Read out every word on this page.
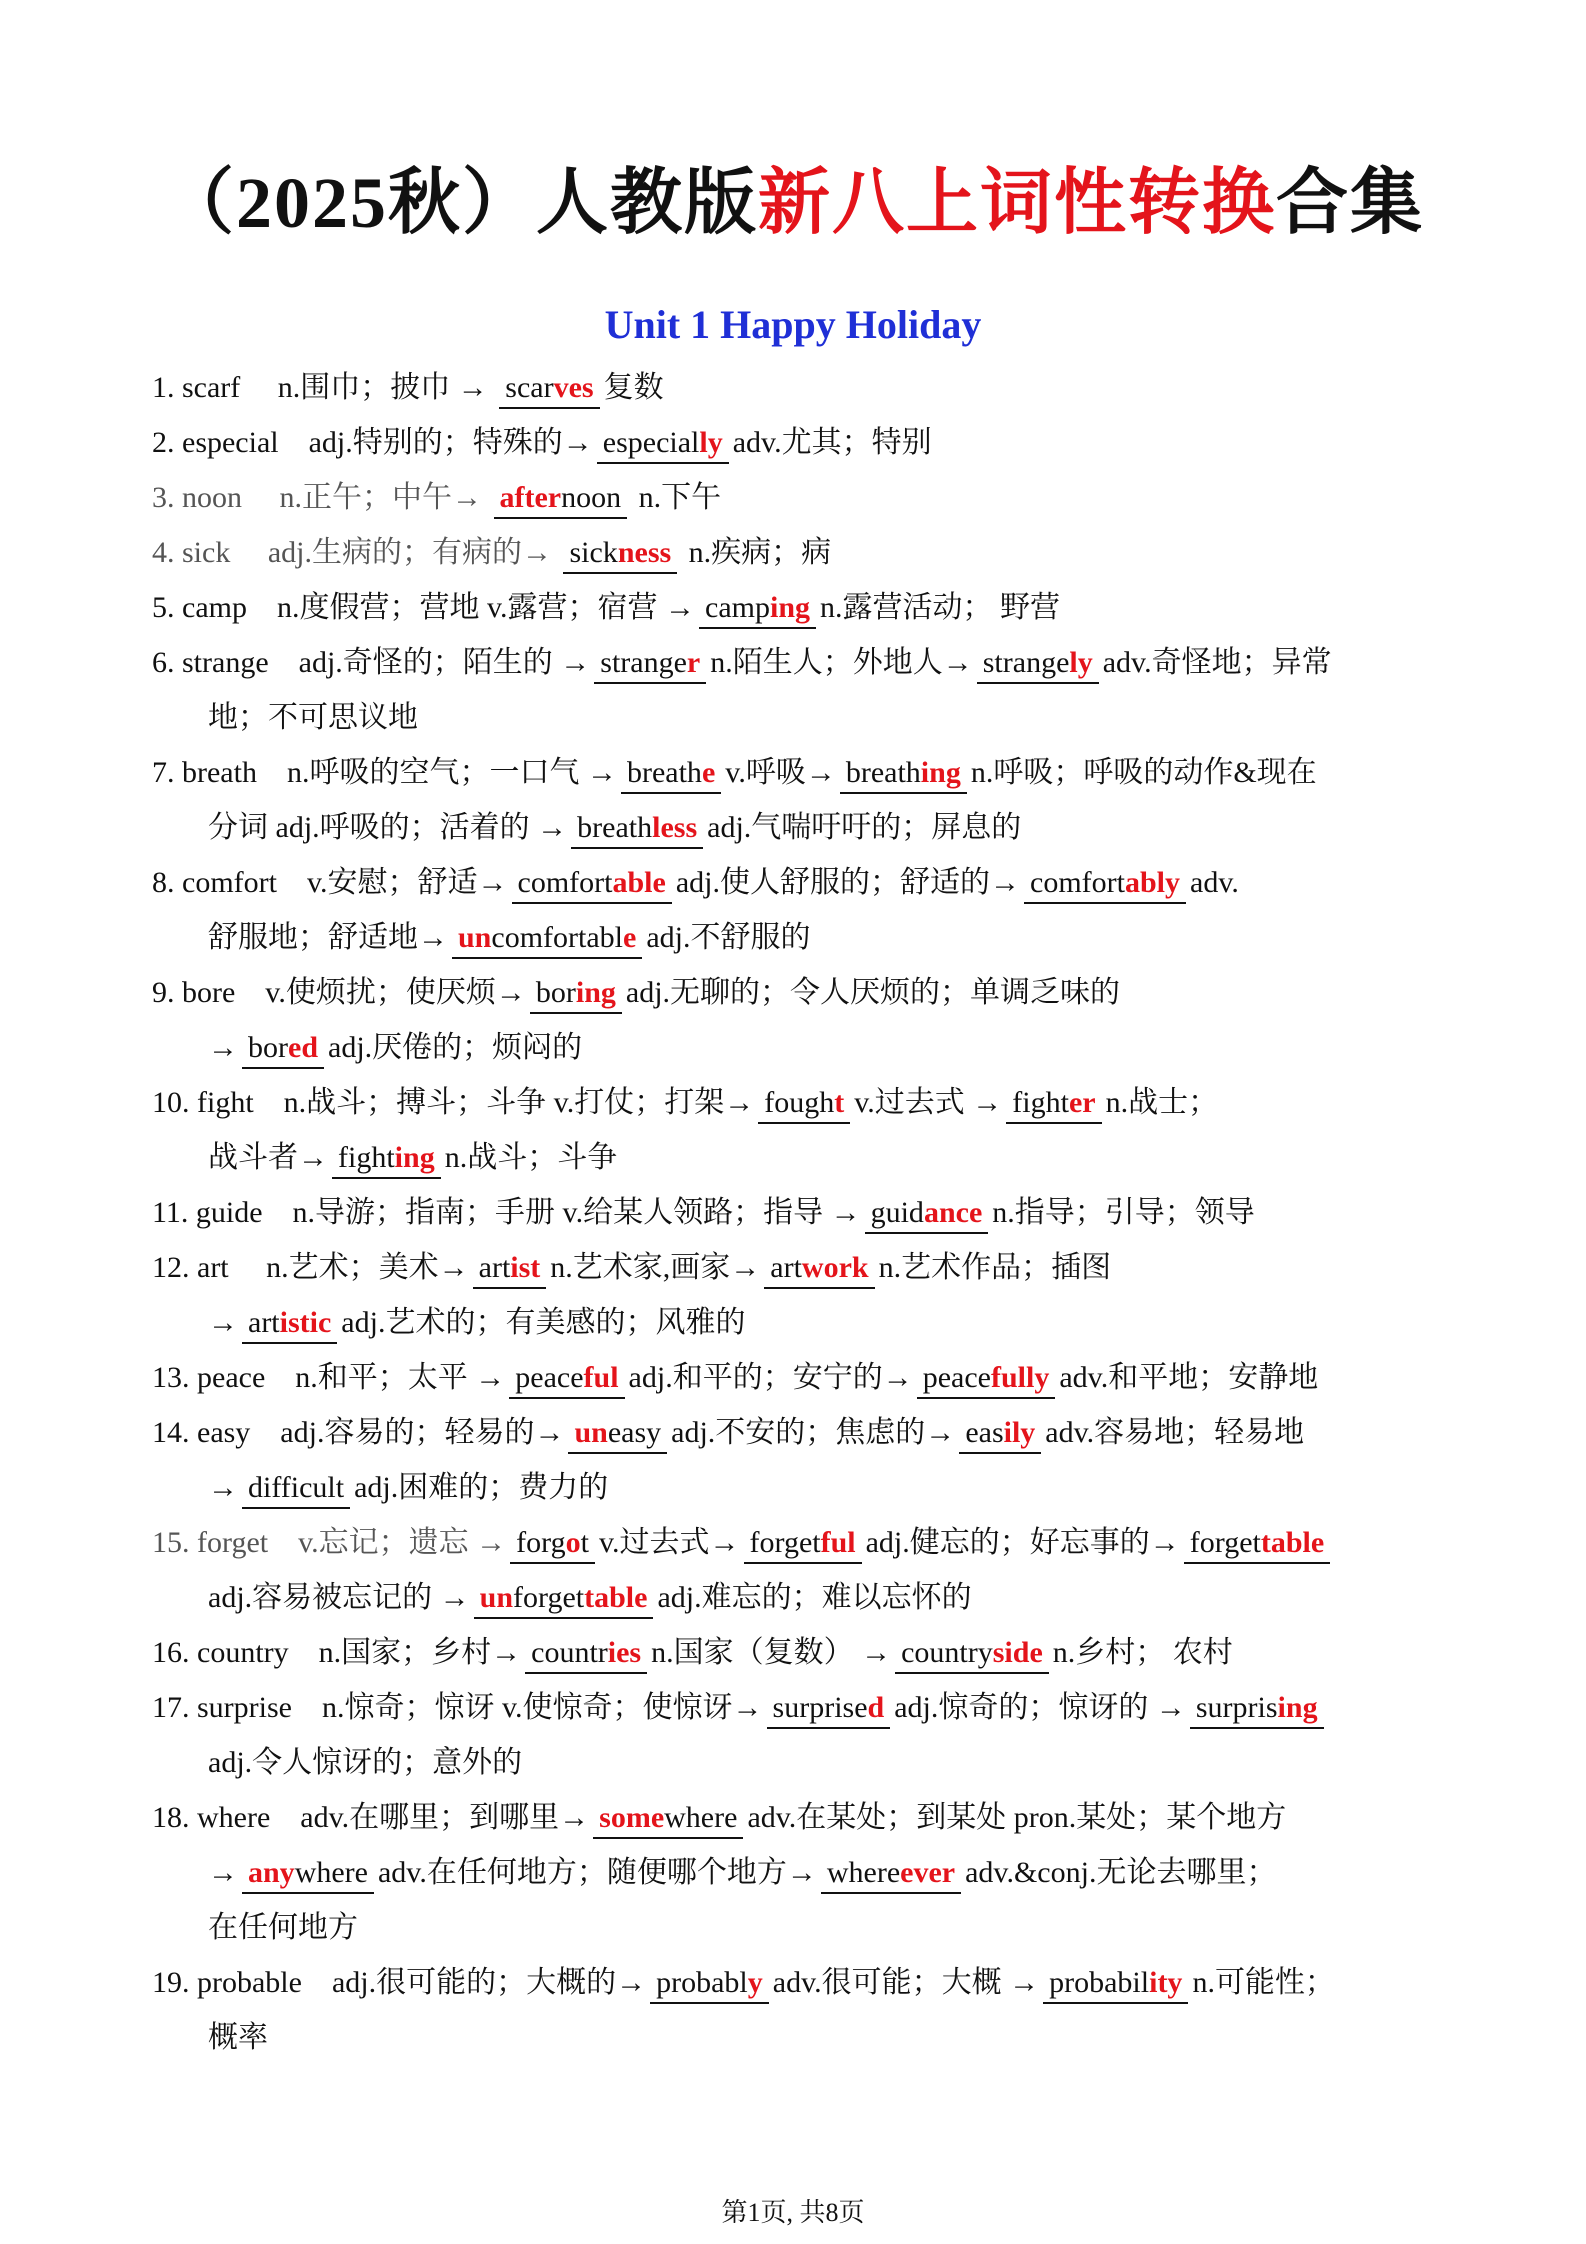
（2025秋）人教版新八上词性转换合集
Unit 1 Happy Holiday
1. scarf　 n.围巾；披巾 → scarves 复数
2. especial　adj.特别的；特殊的→ especially adv.尤其；特别
3. noon　 n.正午；中午→ afternoon n.下午
4. sick　 adj.生病的；有病的→ sickness n.疾病；病
5. camp　n.度假营；营地 v.露营；宿营 → camping n.露营活动； 野营
6. strange　adj.奇怪的；陌生的 → stranger n.陌生人；外地人→ strangely adv.奇怪地；异常
地；不可思议地
7. breath　n.呼吸的空气；一口气 → breathe v.呼吸→ breathing n.呼吸；呼吸的动作&现在
分词 adj.呼吸的；活着的 → breathless adj.气喘吁吁的；屏息的
8. comfort　v.安慰；舒适→ comfortable adj.使人舒服的；舒适的→ comfortably adv.
舒服地；舒适地→ uncomfortable adj.不舒服的
9. bore　v.使烦扰；使厌烦→ boring adj.无聊的；令人厌烦的；单调乏味的
→ bored adj.厌倦的；烦闷的
10. fight　n.战斗；搏斗；斗争 v.打仗；打架→ fought v.过去式 → fighter n.战士；
战斗者→ fighting n.战斗；斗争
11. guide　n.导游；指南；手册 v.给某人领路；指导 → guidance n.指导；引导；领导
12. art　 n.艺术；美术→ artist n.艺术家,画家→ artwork n.艺术作品；插图
→ artistic adj.艺术的；有美感的；风雅的
13. peace　n.和平；太平 → peaceful adj.和平的；安宁的→ peacefully adv.和平地；安静地
14. easy　adj.容易的；轻易的→ uneasy adj.不安的；焦虑的→ easily adv.容易地；轻易地
→ difficult adj.困难的；费力的
15. forget　v.忘记；遗忘 → forgot v.过去式→ forgetful adj.健忘的；好忘事的→ forgettable
adj.容易被忘记的 → unforgettable adj.难忘的；难以忘怀的
16. country　n.国家；乡村→ countries n.国家（复数） → countryside n.乡村； 农村
17. surprise　n.惊奇；惊讶 v.使惊奇；使惊讶→ surprised adj.惊奇的；惊讶的 → surprising
adj.令人惊讶的；意外的
18. where　adv.在哪里；到哪里→ somewhere adv.在某处；到某处 pron.某处；某个地方
→ anywhere adv.在任何地方；随便哪个地方→ whereever adv.&conj.无论去哪里；
在任何地方
19. probable　adj.很可能的；大概的→ probably adv.很可能；大概 → probability n.可能性；
概率
第1页, 共8页
